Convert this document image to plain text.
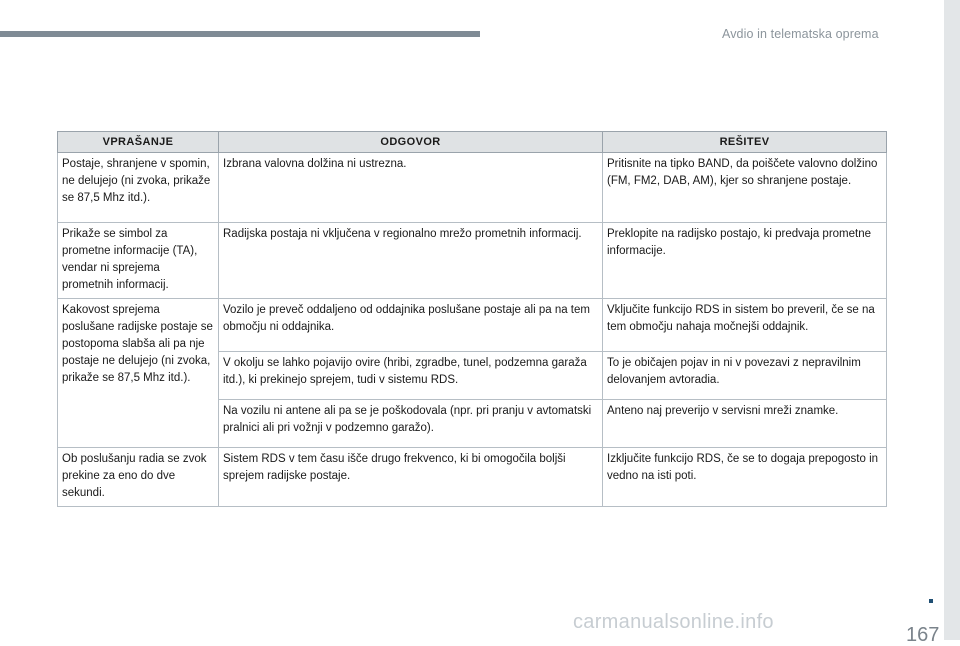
Avdio in telematska oprema
VPRAŠANJE	ODGOVOR	REŠITEV
Postaje, shranjene v spomin, ne delujejo (ni zvoka, prikaže se 87,5 Mhz itd.).	Izbrana valovna dolžina ni ustrezna.	Pritisnite na tipko BAND, da poiščete valovno dolžino (FM, FM2, DAB, AM), kjer so shranjene postaje.
Prikaže se simbol za prometne informacije (TA), vendar ni sprejema prometnih informacij.	Radijska postaja ni vključena v regionalno mrežo prometnih informacij.	Preklopite na radijsko postajo, ki predvaja prometne informacije.
Kakovost sprejema poslušane radijske postaje se postopoma slabša ali pa nje postaje ne delujejo (ni zvoka, prikaže se 87,5 Mhz itd.).	Vozilo je preveč oddaljeno od oddajnika poslušane postaje ali pa na tem območju ni oddajnika.	Vključite funkcijo RDS in sistem bo preveril, če se na tem območju nahaja močnejši oddajnik.
	V okolju se lahko pojavijo ovire (hribi, zgradbe, tunel, podzemna garaža itd.), ki prekinejo sprejem, tudi v sistemu RDS.	To je običajen pojav in ni v povezavi z nepravilnim delovanjem avtoradia.
	Na vozilu ni antene ali pa se je poškodovala (npr. pri pranju v avtomatski pralnici ali pri vožnji v podzemno garažo).	Anteno naj preverijo v servisni mreži znamke.
Ob poslušanju radia se zvok prekine za eno do dve sekundi.	Sistem RDS v tem času išče drugo frekvenco, ki bi omogočila boljši sprejem radijske postaje.	Izklj​učite funkcijo RDS, če se to dogaja prepogosto in vedno na isti poti.
carmanualsonline.info
167
